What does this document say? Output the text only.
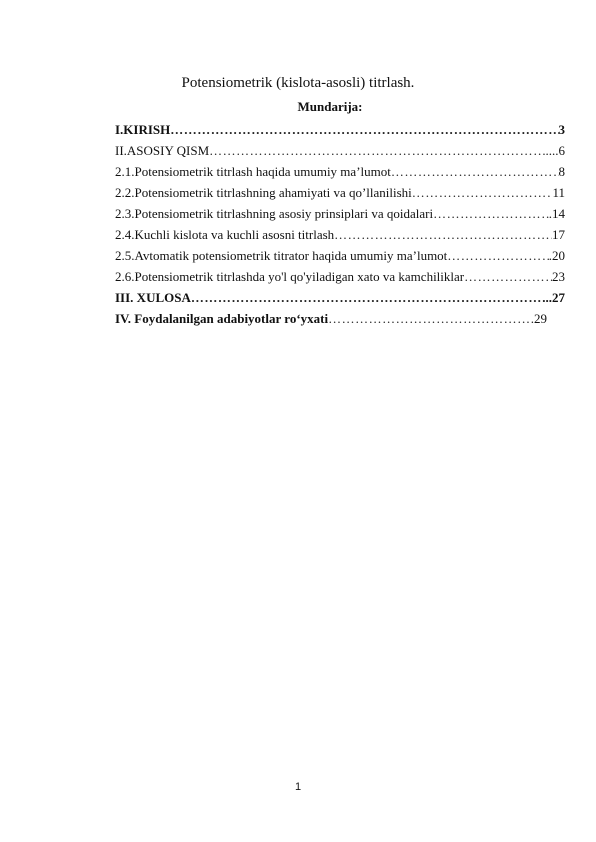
Potensiometrik (kislota-asosli) titrlash.
Mundarija:
I.KIRISH ………………………………………………………………………………………………………………………………………………	3
II.ASOSIY QISM ………………………………………………………………………………………………………………………………………………	....6
2.1.Potensiometrik titrlash haqida umumiy ma’lumot ………………………………………………………………………………………………………………………………………………	8
2.2.Potensiometrik titrlashning ahamiyati va qo’llanilishi ………………………………………………………………………………………………………………………………………………	11
2.3.Potensiometrik titrlashning asosiy prinsiplari va qoidalari ………………………………………………………………………………………………………………………………………………	.14
2.4.Kuchli kislota va kuchli asosni titrlash ………………………………………………………………………………………………………………………………………………	17
2.5.Avtomatik potensiometrik titrator haqida umumiy ma’lumot ………………………………………………………………………………………………………………………………………………	.20
2.6.Potensiometrik titrlashda yo'l qo'yiladigan xato va kamchiliklar ………………………………………………………………………………………………………………………………………………	23
III. XULOSA ………………………………………………………………………………………………………………………………………………	...27
IV. Foydalanilgan adabiyotlar ro‘yxati ………………………………………………………………………………………………………………………………………………	.29
1
